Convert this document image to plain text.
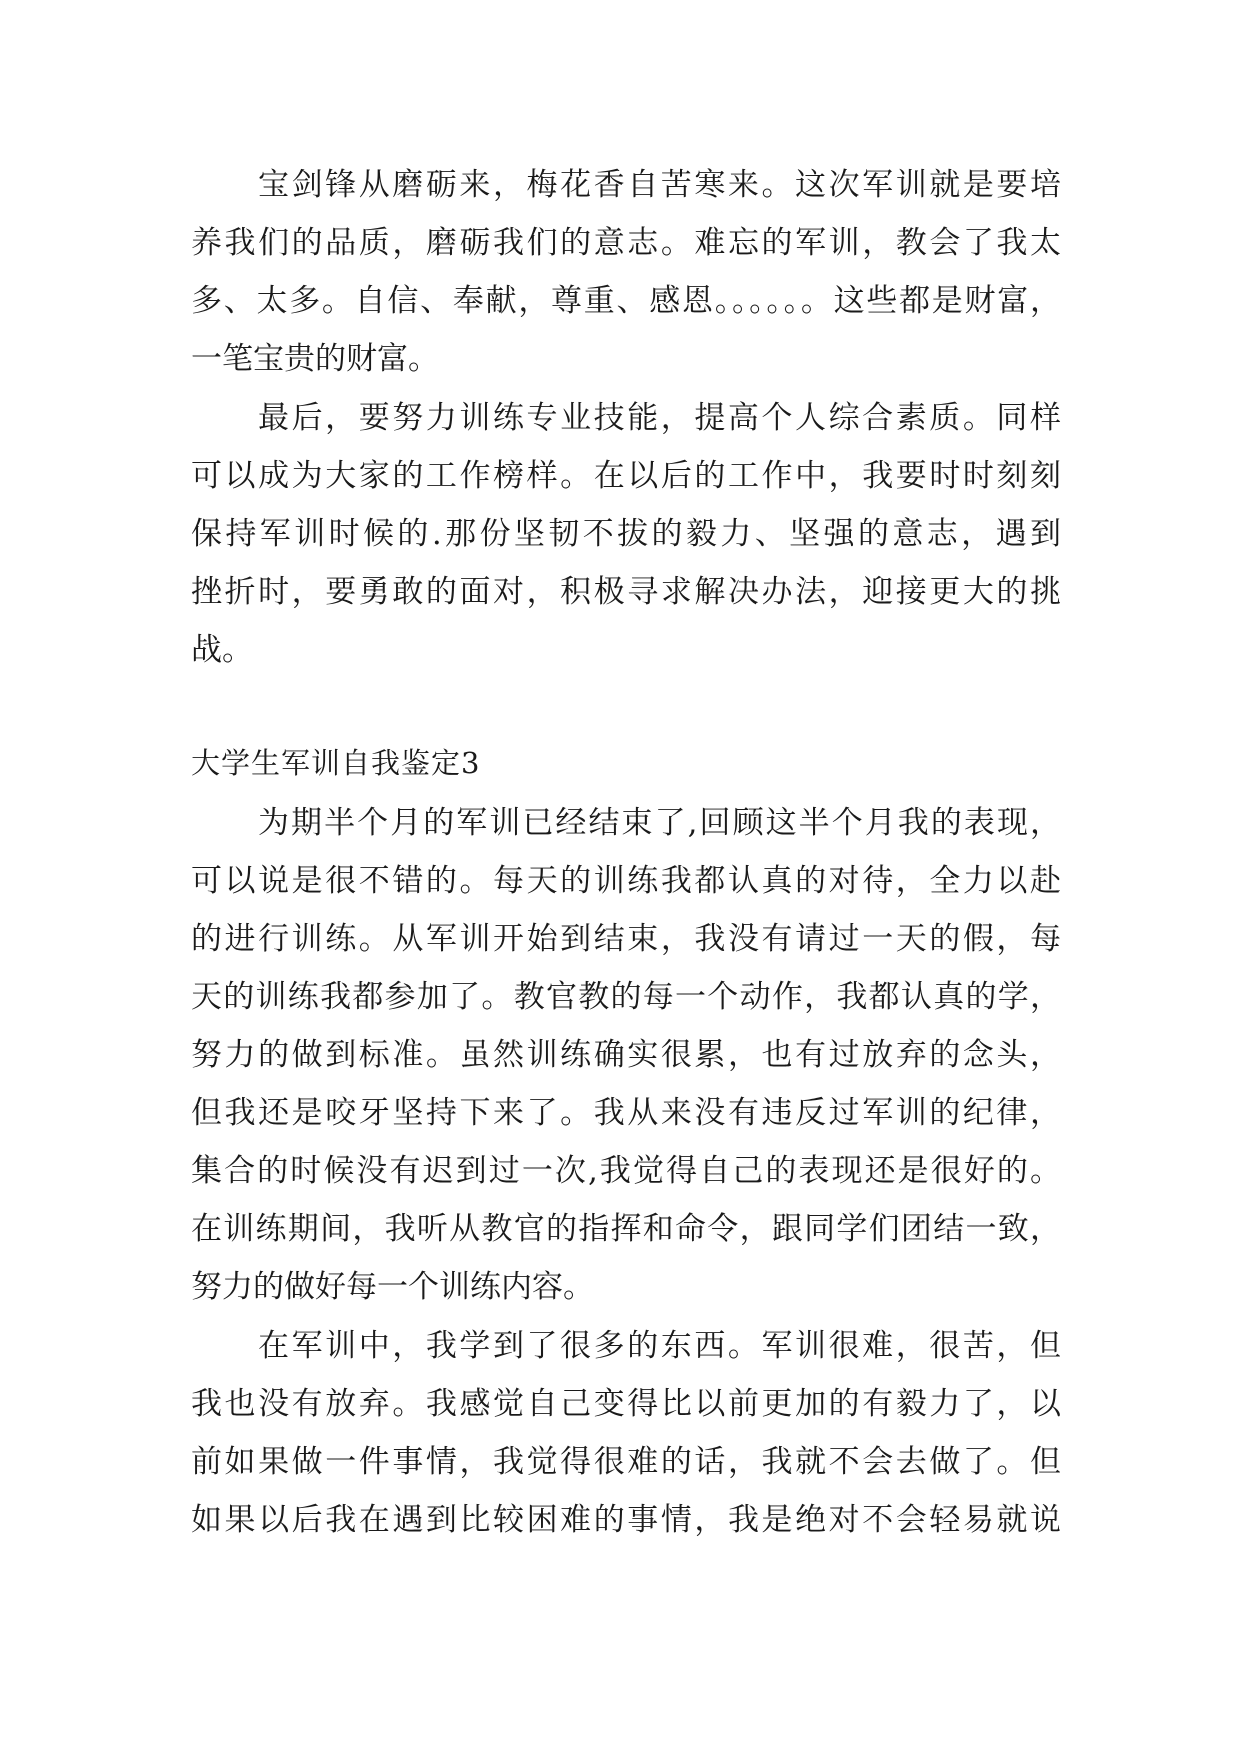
宝剑锋从磨砺来，梅花香自苦寒来。这次军训就是要培
养我们的品质，磨砺我们的意志。难忘的军训，教会了我太
多、太多。自信、奉献，尊重、感恩。。。。。。这些都是财富，
一笔宝贵的财富。
最后，要努力训练专业技能，提高个人综合素质。同样
可以成为大家的工作榜样。在以后的工作中，我要时时刻刻
保持军训时候的.那份坚韧不拔的毅力、坚强的意志，遇到
挫折时，要勇敢的面对，积极寻求解决办法，迎接更大的挑
战。
大学生军训自我鉴定3
为期半个月的军训已经结束了,回顾这半个月我的表现，
可以说是很不错的。每天的训练我都认真的对待，全力以赴
的进行训练。从军训开始到结束，我没有请过一天的假，每
天的训练我都参加了。教官教的每一个动作，我都认真的学，
努力的做到标准。虽然训练确实很累，也有过放弃的念头，
但我还是咬牙坚持下来了。我从来没有违反过军训的纪律，
集合的时候没有迟到过一次,我觉得自己的表现还是很好的。
在训练期间，我听从教官的指挥和命令，跟同学们团结一致，
努力的做好每一个训练内容。
在军训中，我学到了很多的东西。军训很难，很苦，但
我也没有放弃。我感觉自己变得比以前更加的有毅力了，以
前如果做一件事情，我觉得很难的话，我就不会去做了。但
如果以后我在遇到比较困难的事情，我是绝对不会轻易就说
